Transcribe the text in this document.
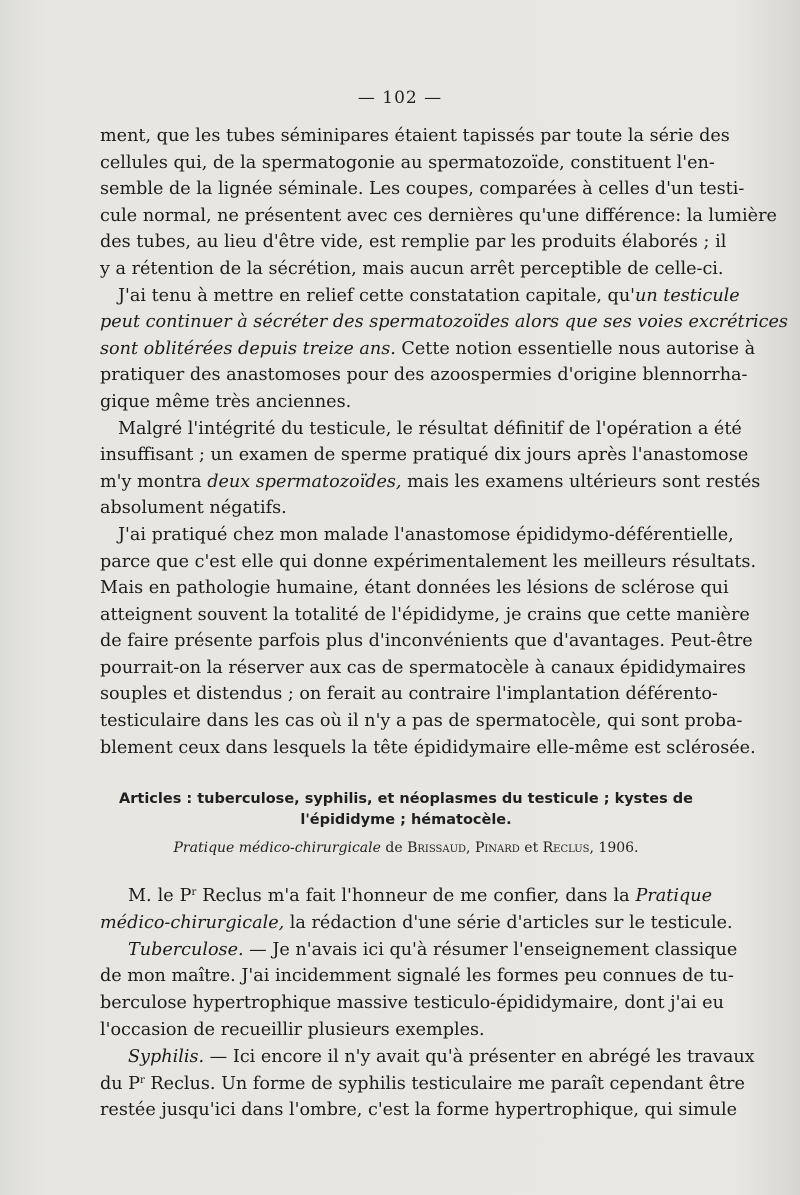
— 102 —
ment, que les tubes séminipares étaient tapissés par toute la série des
cellules qui, de la spermatogonie au spermatozoïde, constituent l'en-
semble de la lignée séminale. Les coupes, comparées à celles d'un testi-
cule normal, ne présentent avec ces dernières qu'une différence: la lumière
des tubes, au lieu d'être vide, est remplie par les produits élaborés ; il
y a rétention de la sécrétion, mais aucun arrêt perceptible de celle-ci.
J'ai tenu à mettre en relief cette constatation capitale, qu'un testicule
peut continuer à sécréter des spermatozoïdes alors que ses voies excrétrices
sont oblitérées depuis treize ans. Cette notion essentielle nous autorise à
pratiquer des anastomoses pour des azoospermies d'origine blennorrha-
gique même très anciennes.
Malgré l'intégrité du testicule, le résultat définitif de l'opération a été
insuffisant ; un examen de sperme pratiqué dix jours après l'anastomose
m'y montra deux spermatozoïdes, mais les examens ultérieurs sont restés
absolument négatifs.
J'ai pratiqué chez mon malade l'anastomose épididymo-déférentielle,
parce que c'est elle qui donne expérimentalement les meilleurs résultats.
Mais en pathologie humaine, étant données les lésions de sclérose qui
atteignent souvent la totalité de l'épididyme, je crains que cette manière
de faire présente parfois plus d'inconvénients que d'avantages. Peut-être
pourrait-on la réserver aux cas de spermatocèle à canaux épididymaires
souples et distendus ; on ferait au contraire l'implantation déférento-
testiculaire dans les cas où il n'y a pas de spermatocèle, qui sont proba-
blement ceux dans lesquels la tête épididymaire elle-même est sclérosée.
Articles : tuberculose, syphilis, et néoplasmes du testicule ; kystes de
l'épididyme ; hématocèle.
Pratique médico-chirurgicale de Brissaud, Pinard et Reclus, 1906.
M. le $P^r$ Reclus m'a fait l'honneur de me confier, dans la Pratique
médico-chirurgicale, la rédaction d'une série d'articles sur le testicule.
Tuberculose. — Je n'avais ici qu'à résumer l'enseignement classique
de mon maître. J'ai incidemment signalé les formes peu connues de tu-
berculose hypertrophique massive testiculo-épididymaire, dont j'ai eu
l'occasion de recueillir plusieurs exemples.
Syphilis. — Ici encore il n'y avait qu'à présenter en abrégé les travaux
du $P^r$ Reclus. Un forme de syphilis testiculaire me paraît cependant être
restée jusqu'ici dans l'ombre, c'est la forme hypertrophique, qui simule
